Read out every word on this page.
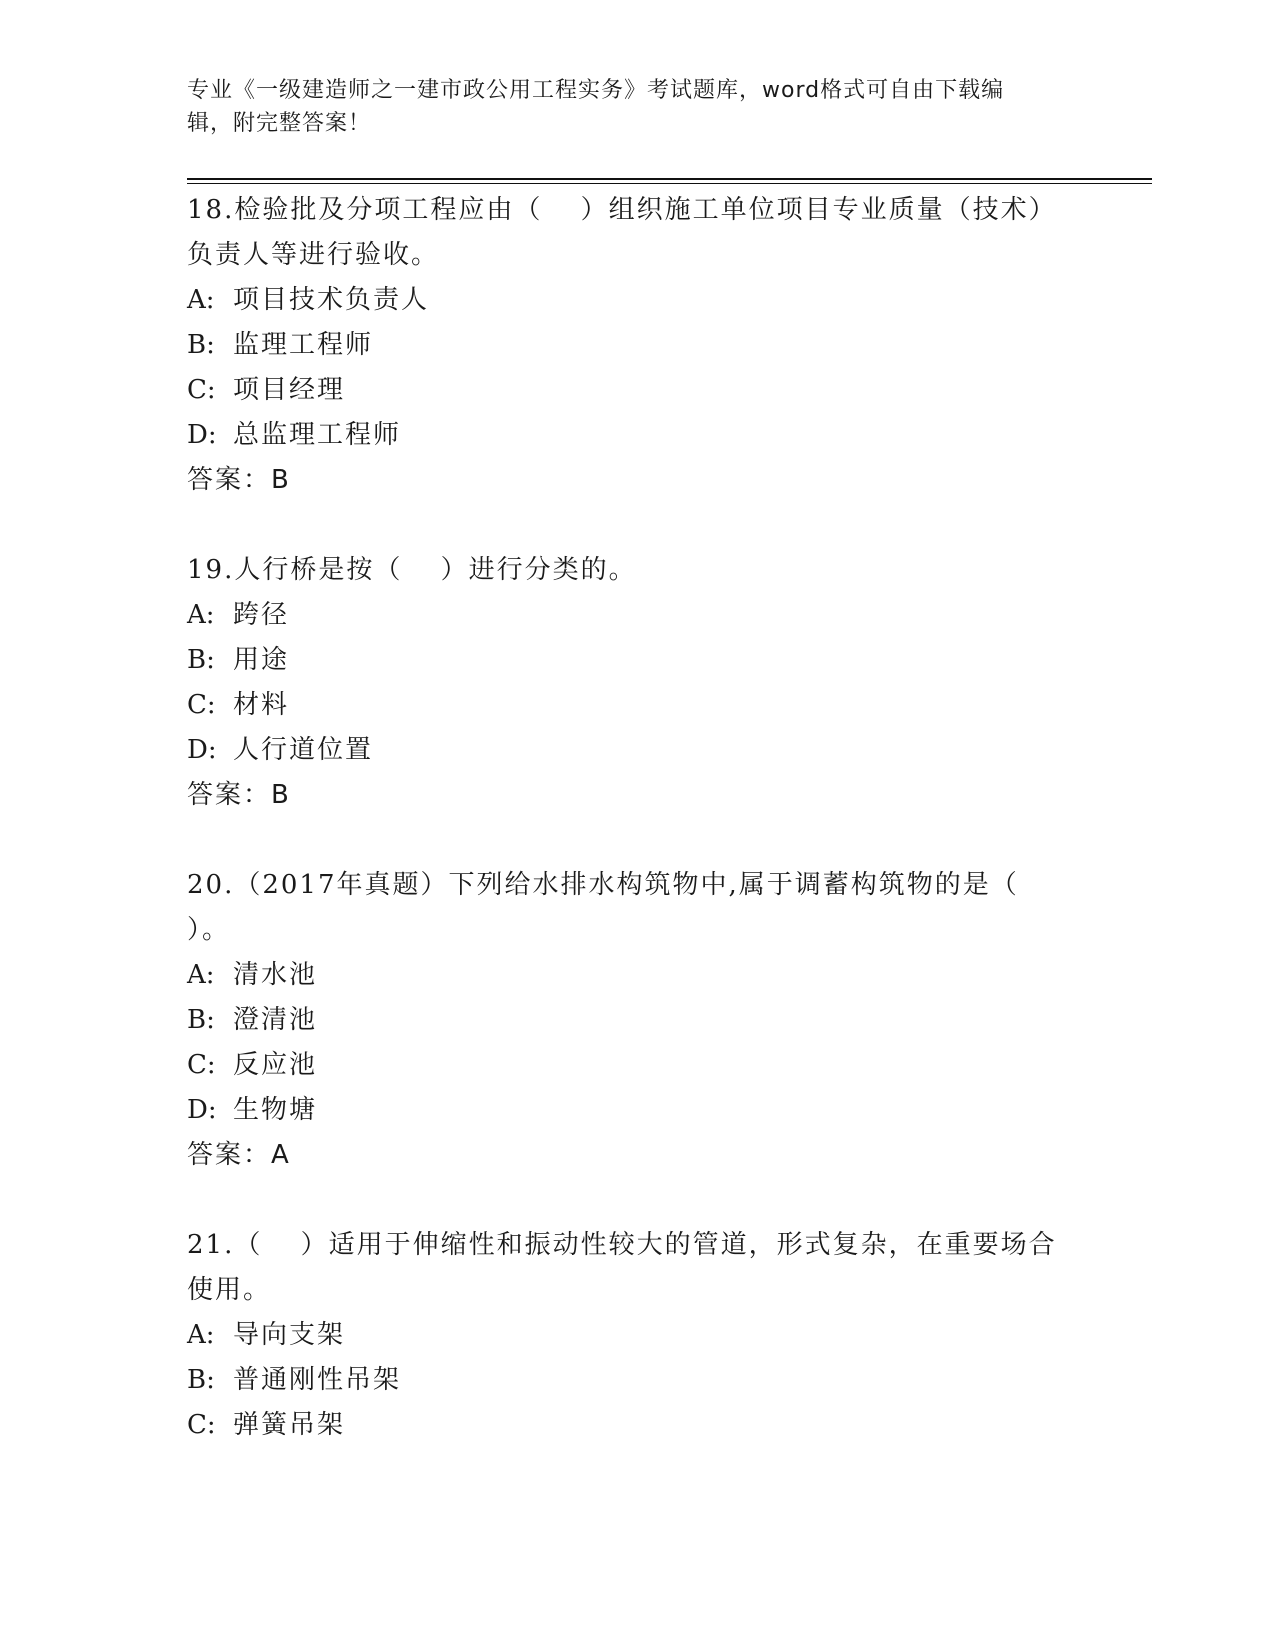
专业《一级建造师之一建市政公用工程实务》考试题库，word格式可自由下载编
辑，附完整答案！
18.检验批及分项工程应由（　 ）组织施工单位项目专业质量（技术）
负责人等进行验收。
A: 项目技术负责人
B: 监理工程师
C: 项目经理
D: 总监理工程师
答案：B
19.人行桥是按（　 ）进行分类的。
A: 跨径
B: 用途
C: 材料
D: 人行道位置
答案：B
20.（2017年真题）下列给水排水构筑物中,属于调蓄构筑物的是（
）。
A: 清水池
B: 澄清池
C: 反应池
D: 生物塘
答案：A
21.（　 ）适用于伸缩性和振动性较大的管道，形式复杂，在重要场合
使用。
A: 导向支架
B: 普通刚性吊架
C: 弹簧吊架
